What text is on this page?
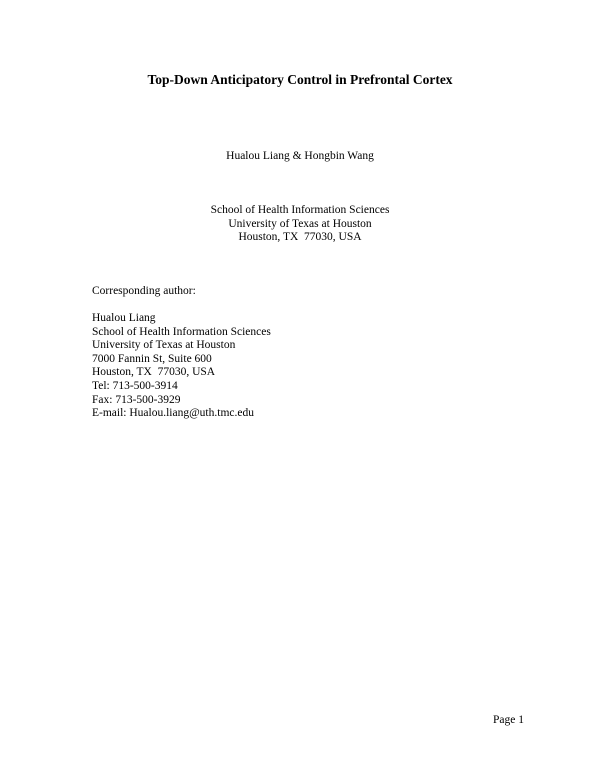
Top-Down Anticipatory Control in Prefrontal Cortex
Hualou Liang & Hongbin Wang
School of Health Information Sciences
University of Texas at Houston
Houston, TX  77030, USA
Corresponding author:
Hualou Liang
School of Health Information Sciences
University of Texas at Houston
7000 Fannin St, Suite 600
Houston, TX  77030, USA
Tel: 713-500-3914
Fax: 713-500-3929
E-mail: Hualou.liang@uth.tmc.edu
Page 1
